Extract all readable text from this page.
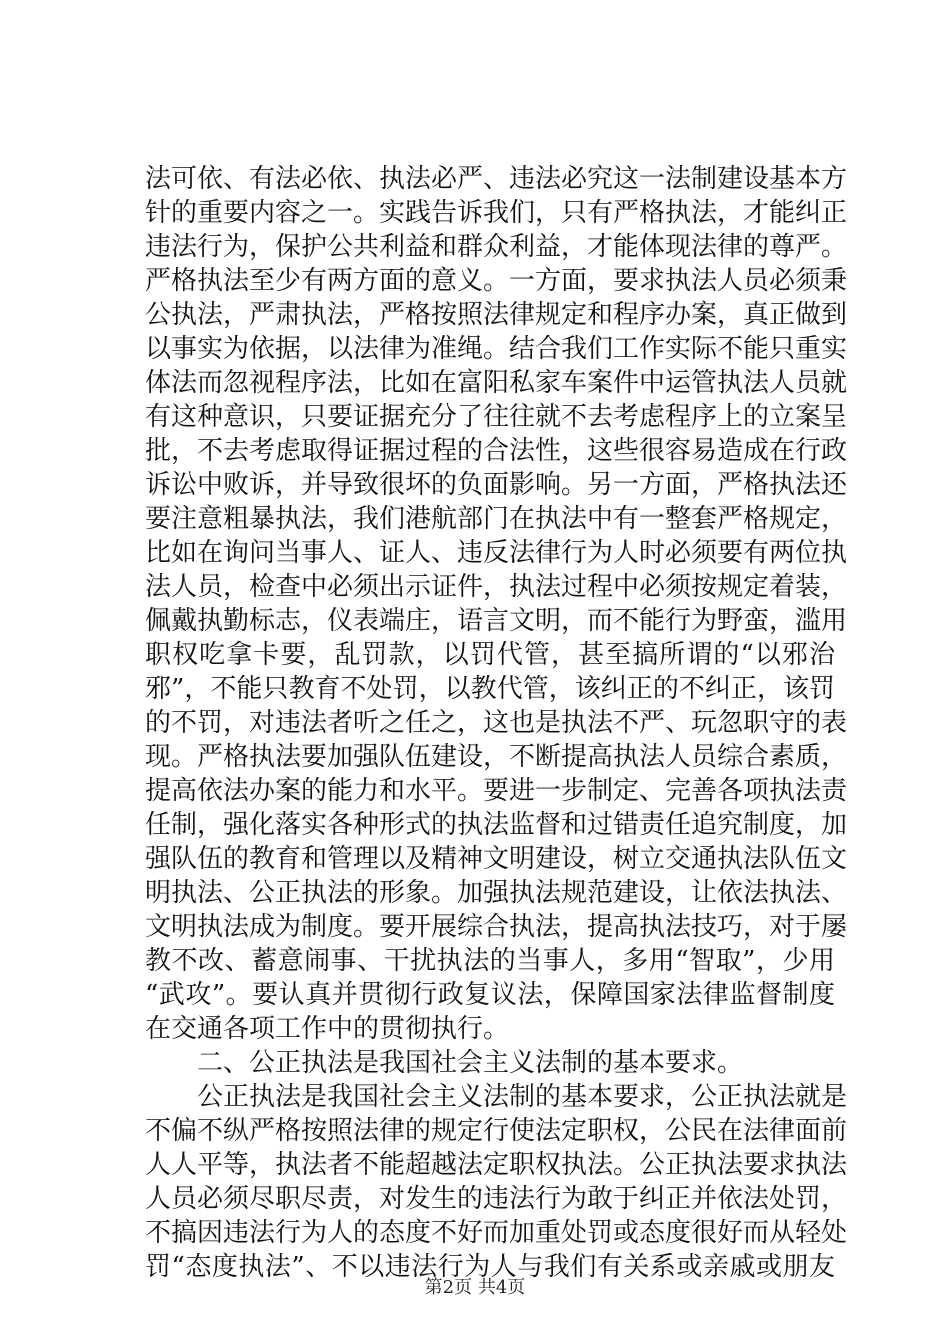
法可依、有法必依、执法必严、违法必究这一法制建设基本方
针的重要内容之一。实践告诉我们，只有严格执法，才能纠正
违法行为，保护公共利益和群众利益，才能体现法律的尊严。
严格执法至少有两方面的意义。一方面，要求执法人员必须秉
公执法，严肃执法，严格按照法律规定和程序办案，真正做到
以事实为依据，以法律为准绳。结合我们工作实际不能只重实
体法而忽视程序法，比如在富阳私家车案件中运管执法人员就
有这种意识，只要证据充分了往往就不去考虑程序上的立案呈
批，不去考虑取得证据过程的合法性，这些很容易造成在行政
诉讼中败诉，并导致很坏的负面影响。另一方面，严格执法还
要注意粗暴执法，我们港航部门在执法中有一整套严格规定，
比如在询问当事人、证人、违反法律行为人时必须要有两位执
法人员，检查中必须出示证件，执法过程中必须按规定着装，
佩戴执勤标志，仪表端庄，语言文明，而不能行为野蛮，滥用
职权吃拿卡要，乱罚款，以罚代管，甚至搞所谓的“以邪治
邪”，不能只教育不处罚，以教代管，该纠正的不纠正，该罚
的不罚，对违法者听之任之，这也是执法不严、玩忽职守的表
现。严格执法要加强队伍建设，不断提高执法人员综合素质，
提高依法办案的能力和水平。要进一步制定、完善各项执法责
任制，强化落实各种形式的执法监督和过错责任追究制度，加
强队伍的教育和管理以及精神文明建设，树立交通执法队伍文
明执法、公正执法的形象。加强执法规范建设，让依法执法、
文明执法成为制度。要开展综合执法，提高执法技巧，对于屡
教不改、蓄意闹事、干扰执法的当事人，多用“智取”，少用
“武攻”。要认真并贯彻行政复议法，保障国家法律监督制度
在交通各项工作中的贯彻执行。
　　二、公正执法是我国社会主义法制的基本要求。
　　公正执法是我国社会主义法制的基本要求，公正执法就是
不偏不纵严格按照法律的规定行使法定职权，公民在法律面前
人人平等，执法者不能超越法定职权执法。公正执法要求执法
人员必须尽职尽责，对发生的违法行为敢于纠正并依法处罚，
不搞因违法行为人的态度不好而加重处罚或态度很好而从轻处
罚“态度执法”、不以违法行为人与我们有关系或亲戚或朋友
第2页 共4页
